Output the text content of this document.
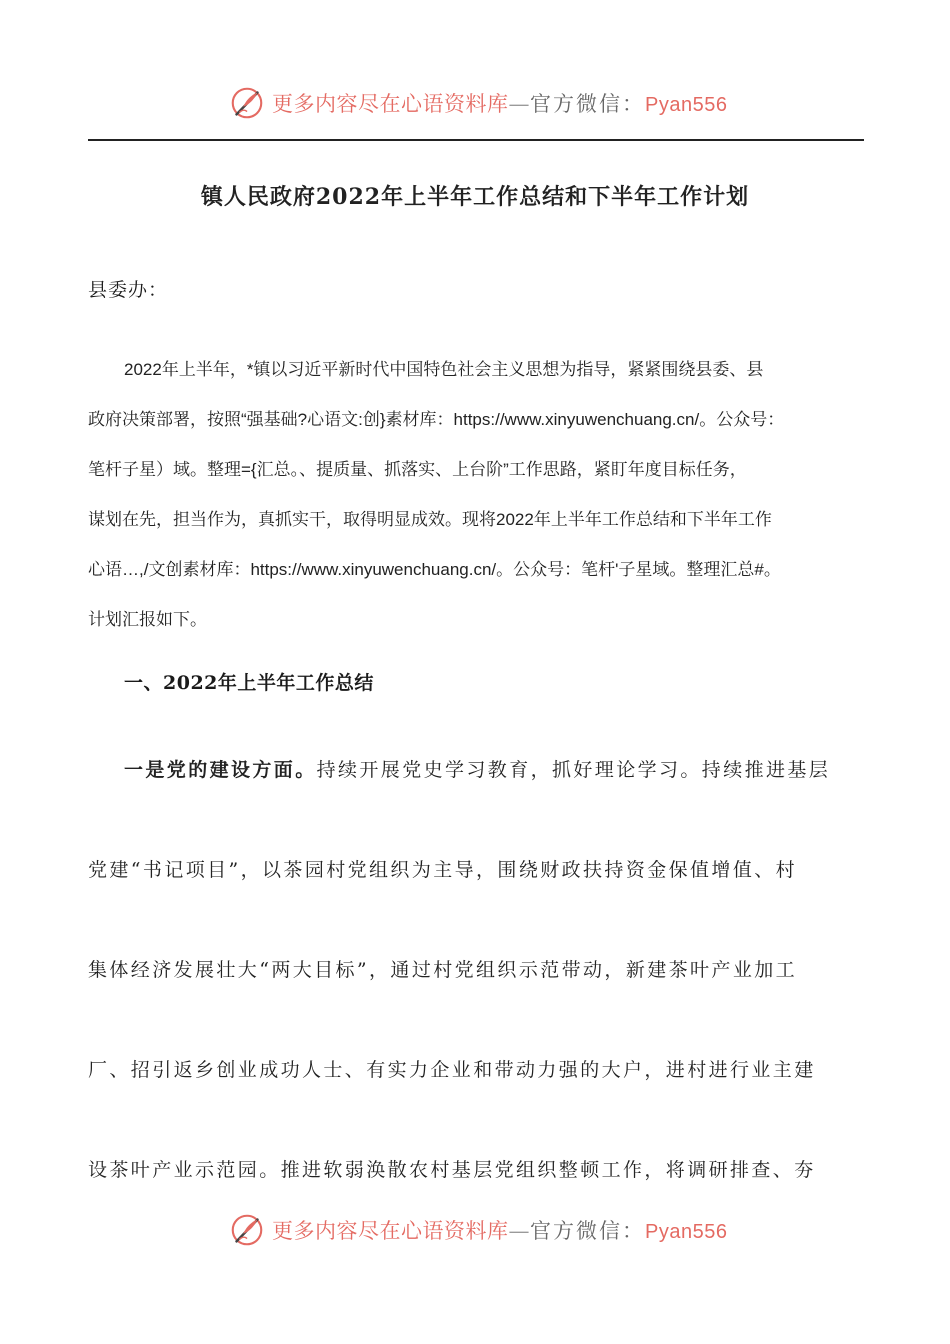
更多内容尽在心语资料库—官方微信：Pyan556
镇人民政府2022年上半年工作总结和下半年工作计划
县委办：
2022年上半年，*镇以习近平新时代中国特色社会主义思想为指导，紧紧围绕县委、县
政府决策部署，按照“强基础?心语文:创}素材库：https://www.xinyuwenchuang.cn/。公众号：
笔杆子星）域。整理={汇总。、提质量、抓落实、上台阶”工作思路，紧盯年度目标任务，
谋划在先，担当作为，真抓实干，取得明显成效。现将2022年上半年工作总结和下半年工作
心语…,/文创素材库：https://www.xinyuwenchuang.cn/。公众号：笔杆'子星域。整理汇总#。
计划汇报如下。
一、2022年上半年工作总结
一是党的建设方面。持续开展党史学习教育，抓好理论学习。持续推进基层
党建“书记项目”，以茶园村党组织为主导，围绕财政扶持资金保值增值、村
集体经济发展壮大“两大目标”，通过村党组织示范带动，新建茶叶产业加工
厂、招引返乡创业成功人士、有实力企业和带动力强的大户，进村进行业主建
设茶叶产业示范园。推进软弱涣散农村基层党组织整顿工作，将调研排查、夯
更多内容尽在心语资料库—官方微信：Pyan556
